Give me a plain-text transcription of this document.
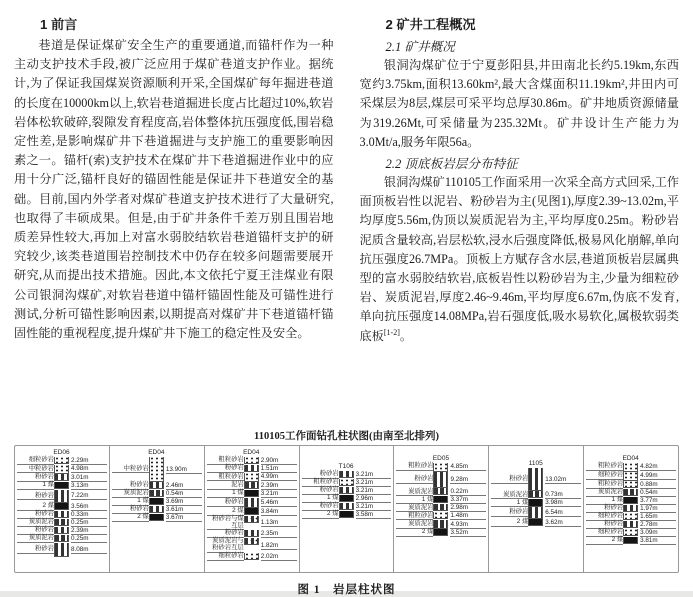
1 前言

巷道是保证煤矿安全生产的重要通道,而锚杆作为一种主动支护技术手段,被广泛应用于煤矿巷道支护作业。据统计,为了保证我国煤炭资源顺利开采,全国煤矿每年掘进巷道的长度在10000km以上,软岩巷道掘进长度占比超过10%,软岩岩体松软破碎,裂隙发育程度高,岩体整体抗压强度低,围岩稳定性差,是影响煤矿井下巷道掘进与支护施工的重要影响因素之一。锚杆(索)支护技术在煤矿井下巷道掘进作业中的应用十分广泛,锚杆良好的锚固性能是保证井下巷道安全的基础。目前,国内外学者对煤矿巷道支护技术进行了大量研究,也取得了丰硕成果。但是,由于矿井条件千差万别且围岩地质差异性较大,再加上对富水弱胶结软岩巷道锚杆支护的研究较少,该类巷道围岩控制技术中仍存在较多问题需要展开研究,从而提出技术措施。因此,本文依托宁夏王洼煤业有限公司银洞沟煤矿,对软岩巷道中锚杆锚固性能及可锚性进行测试,分析可锚性影响因素,以期提高对煤矿井下巷道锚杆锚固性能的重视程度,提升煤矿井下施工的稳定性及安全。

2 矿井工程概况
2.1 矿井概况

银洞沟煤矿位于宁夏彭阳县,井田南北长约5.19km,东西宽约3.75km,面积13.60km²,最大含煤面积11.19km²,井田内可采煤层为8层,煤层可采平均总厚30.86m。矿井地质资源储量为319.26Mt,可采储量为235.32Mt。矿井设计生产能力为3.0Mt/a,服务年限56a。

2.2 顶底板岩层分布特征

银洞沟煤矿110105工作面采用一次采全高方式回采,工作面顶板岩性以泥岩、粉砂岩为主(见图1),厚度2.39~13.02m,平均厚度5.56m,伪顶以炭质泥岩为主,平均厚度0.25m。粉砂岩泥质含量较高,岩层松软,浸水后强度降低,极易风化崩解,单向抗压强度26.7MPa。顶板上方赋存含水层,巷道顶板岩层属典型的富水弱胶结软岩,底板岩性以粉砂岩为主,少量为细粒砂岩、炭质泥岩,厚度2.46~9.46m,平均厚度6.67m,伪底不发育,单向抗压强度14.08MPa,岩石强度低,吸水易软化,属极软弱类底板[1-2]。

110105工作面钻孔柱状图(由南至北排列)
ED06
细粒砂岩	2.29m
中粒砂岩	4.98m
粉砂岩	3.01m
1 煤	3.13m
粉砂岩	7.22m
2 煤	3.56m
粉砂岩	0.33m
炭质泥岩	0.25m
粉砂岩	2.39m
炭质泥岩	0.25m
粉砂岩	8.08m
ED04
中粒砂岩	13.90m
粉砂岩	2.46m
炭质泥岩	0.54m
1 煤	3.69m
粉砂岩	3.61m
2 煤	3.67m
ED04
粗粒砂岩	2.90m
粉砂岩	1.51m
粗粒砂岩	4.99m
泥岩	2.39m
1 煤	3.21m
粉砂岩	5.46m
2 煤	3.84m
粉砂岩与煤互层	1.13m
粉砂岩	2.35m
炭质泥岩与粉砂岩互层	1.82m
细粒砂岩	2.02m
T106
粉砂岩	3.21m
粗粒砂岩	3.21m
粉砂岩	3.21m
1 煤	2.96m
粉砂岩	3.21m
2 煤	3.58m
ED05
粗粒砂岩	4.85m
粉砂岩	9.28m
炭质泥岩	0.22m
1 煤	3.37m
炭质泥岩	2.98m
粗粒砂岩	1.48m
炭质泥岩	4.93m
2 煤	3.52m
1105
粉砂岩	13.02m
炭质泥岩	0.73m
1 煤	3.98m
粉砂岩	6.54m
2 煤	3.62m
ED04
粗粒砂岩	4.82m
细粒砂岩	4.99m
粗粒砂岩	0.88m
炭质泥岩	0.54m
1 煤	3.77m
粉砂岩	1.97m
细粒砂岩	1.65m
粉砂岩	2.78m
细粒砂岩	3.09m
2 煤	3.81m
图 1　岩层柱状图
